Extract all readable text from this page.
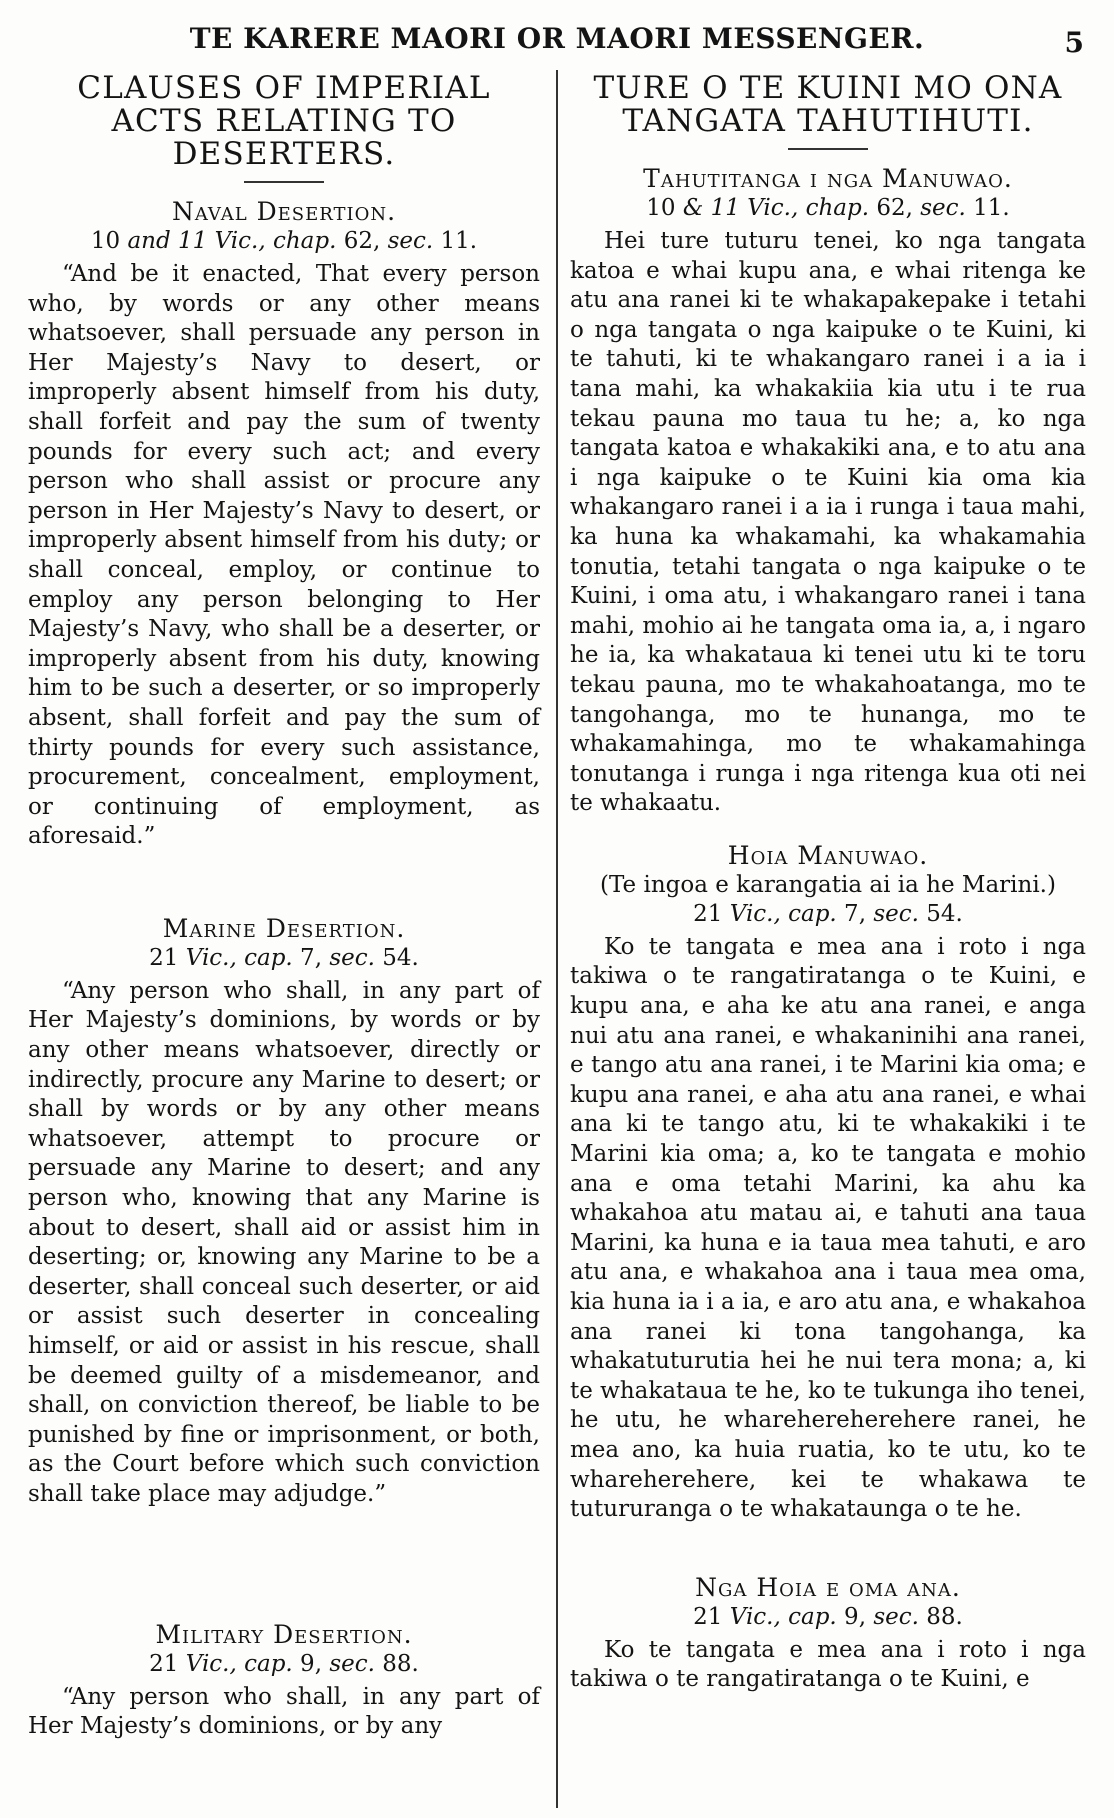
TE KARERE MAORI OR MAORI MESSENGER.	5
CLAUSES OF IMPERIAL ACTS RELATING TO DESERTERS.
Naval Desertion.
10 and 11 Vic., chap. 62, sec. 11.

“And be it enacted, That every person who, by words or any other means whatsoever, shall persuade any person in Her Majesty’s Navy to desert, or improperly absent himself from his duty, shall forfeit and pay the sum of twenty pounds for every such act; and every person who shall assist or procure any person in Her Majesty’s Navy to desert, or improperly absent himself from his duty; or shall conceal, employ, or continue to employ any person belonging to Her Majesty’s Navy, who shall be a deserter, or improperly absent from his duty, knowing him to be such a deserter, or so improperly absent, shall forfeit and pay the sum of thirty pounds for every such assistance, procurement, concealment, employment, or continuing of employment, as aforesaid.”

Marine Desertion.
21 Vic., cap. 7, sec. 54.

“Any person who shall, in any part of Her Majesty’s dominions, by words or by any other means whatsoever, directly or indirectly, procure any Marine to desert; or shall by words or by any other means whatsoever, attempt to procure or persuade any Marine to desert; and any person who, knowing that any Marine is about to desert, shall aid or assist him in deserting; or, knowing any Marine to be a deserter, shall conceal such deserter, or aid or assist such deserter in concealing himself, or aid or assist in his rescue, shall be deemed guilty of a misdemeanor, and shall, on conviction thereof, be liable to be punished by fine or imprisonment, or both, as the Court before which such conviction shall take place may adjudge.”

Military Desertion.
21 Vic., cap. 9, sec. 88.

“Any person who shall, in any part of Her Majesty’s dominions, or by any

TURE O TE KUINI MO ONA TANGATA TAHUTIHUTI.
Tahutitanga i nga Manuwao.
10 & 11 Vic., chap. 62, sec. 11.

Hei ture tuturu tenei, ko nga tangata katoa e whai kupu ana, e whai ritenga ke atu ana ranei ki te whakapakepake i tetahi o nga tangata o nga kaipuke o te Kuini, ki te tahuti, ki te whakangaro ranei i a ia i tana mahi, ka whakakiia kia utu i te rua tekau pauna mo taua tu he; a, ko nga tangata katoa e whakakiki ana, e to atu ana i nga kaipuke o te Kuini kia oma kia whakangaro ranei i a ia i runga i taua mahi, ka huna ka whakamahi, ka whakamahia tonutia, tetahi tangata o nga kaipuke o te Kuini, i oma atu, i whakangaro ranei i tana mahi, mohio ai he tangata oma ia, a, i ngaro he ia, ka whakataua ki tenei utu ki te toru tekau pauna, mo te whakahoatanga, mo te tangohanga, mo te hunanga, mo te whakamahinga, mo te whakamahinga tonutanga i runga i nga ritenga kua oti nei te whakaatu.

Hoia Manuwao.
(Te ingoa e karangatia ai ia he Marini.)
21 Vic., cap. 7, sec. 54.

Ko te tangata e mea ana i roto i nga takiwa o te rangatiratanga o te Kuini, e kupu ana, e aha ke atu ana ranei, e anga nui atu ana ranei, e whakaninihi ana ranei, e tango atu ana ranei, i te Marini kia oma; e kupu ana ranei, e aha atu ana ranei, e whai ana ki te tango atu, ki te whakakiki i te Marini kia oma; a, ko te tangata e mohio ana e oma tetahi Marini, ka ahu ka whakahoa atu matau ai, e tahuti ana taua Marini, ka huna e ia taua mea tahuti, e aro atu ana, e whakahoa ana i taua mea oma, kia huna ia i a ia, e aro atu ana, e whakahoa ana ranei ki tona tangohanga, ka whakatuturutia hei he nui tera mona; a, ki te whakataua te he, ko te tukunga iho tenei, he utu, he wharehereherehere ranei, he mea ano, ka huia ruatia, ko te utu, ko te whareherehere, kei te whakawa te tutururanga o te whakataunga o te he.

Nga Hoia e oma ana.
21 Vic., cap. 9, sec. 88.

Ko te tangata e mea ana i roto i nga takiwa o te rangatiratanga o te Kuini, e
